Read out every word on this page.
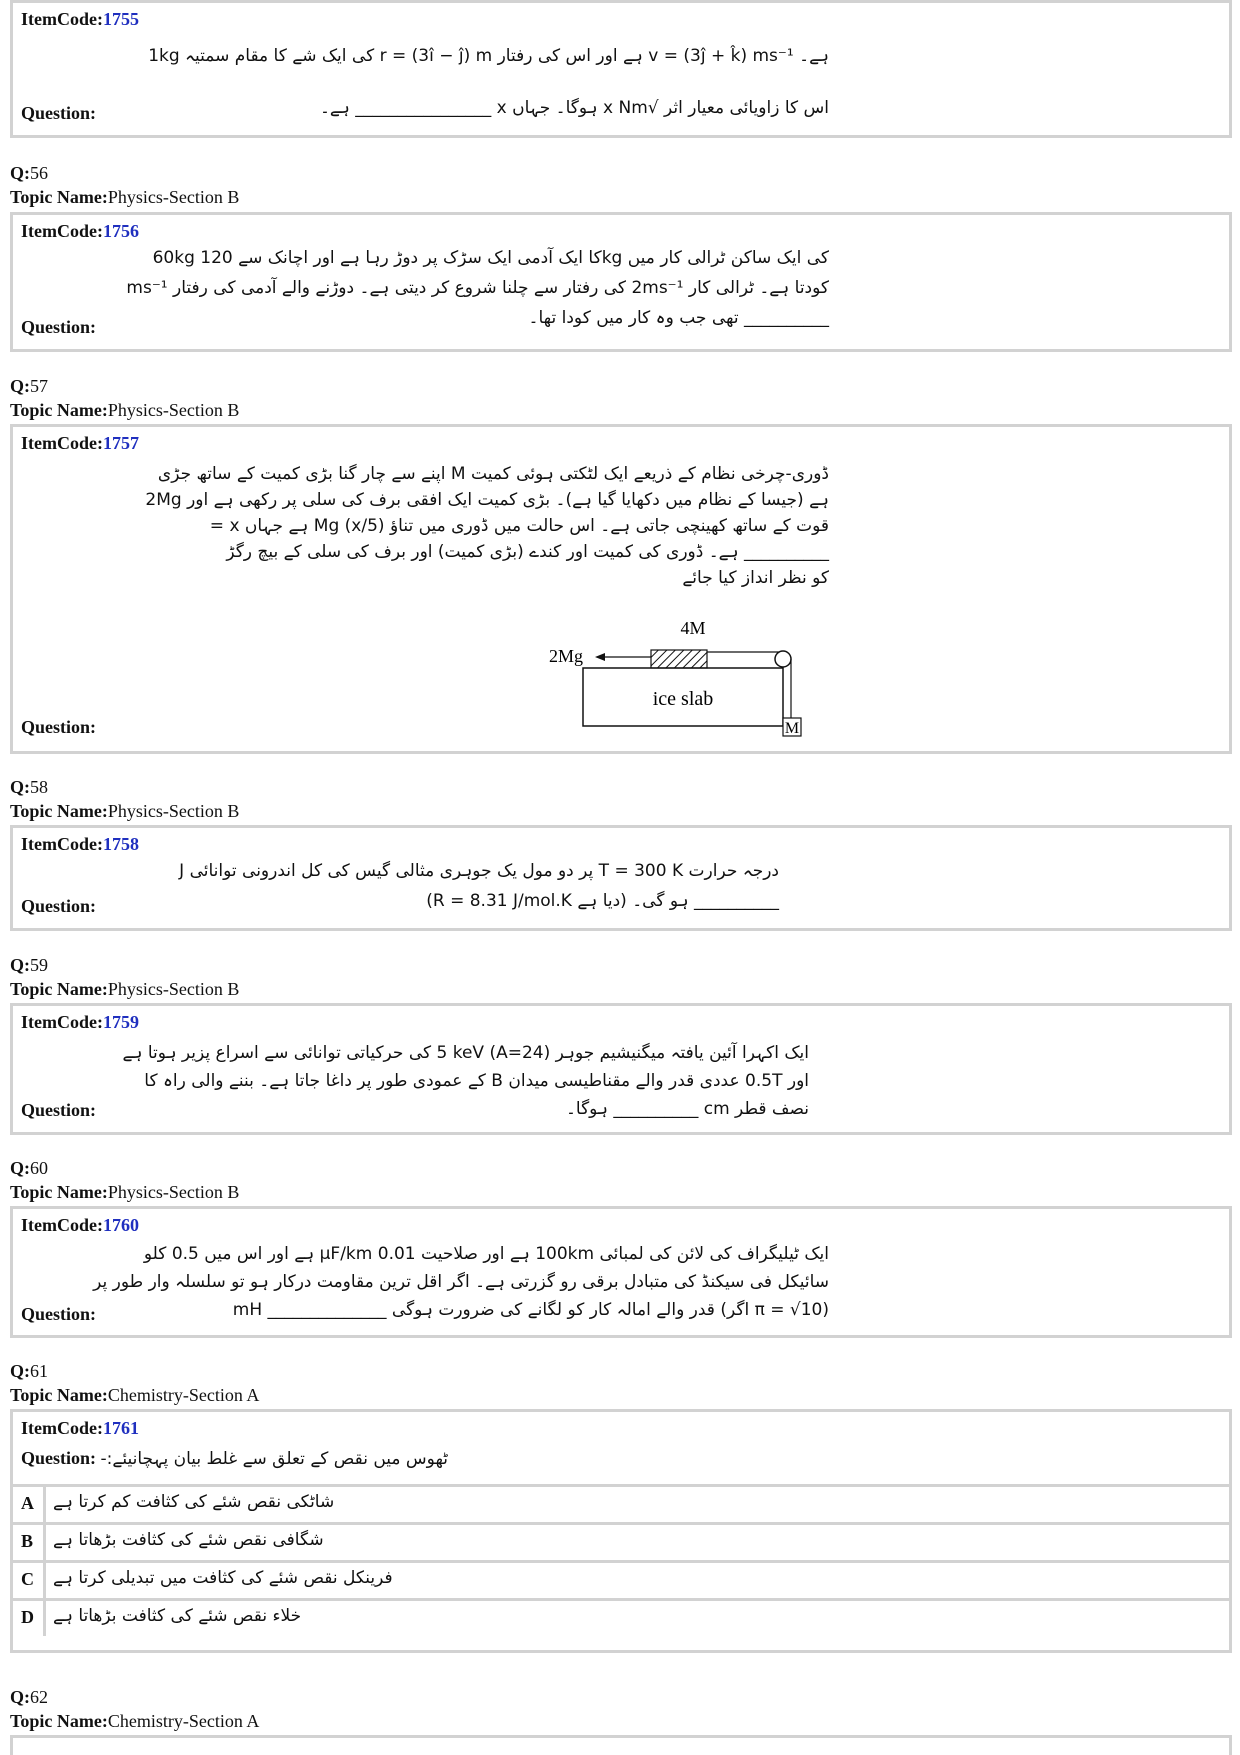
ItemCode:1755
1kg کی ایک شے کا مقام سمتیہ r = (3î − ĵ) m ہے اور اس کی رفتار v = (3ĵ + k̂) ms⁻¹ ہے۔
اس کا زاویائی معیار اثر √x Nm ہوگا۔ جہاں x ________________ ہے۔
Question:
Q:56
Topic Name:Physics-Section B
ItemCode:1756
60kg کا ایک آدمی ایک سڑک پر دوڑ رہا ہے اور اچانک سے 120kg کی ایک ساکن ٹرالی کار میں
کودتا ہے۔ ٹرالی کار 2ms⁻¹ کی رفتار سے چلنا شروع کر دیتی ہے۔ دوڑنے والے آدمی کی رفتار ms⁻¹
__________ تھی جب وہ کار میں کودا تھا۔
Question:
Q:57
Topic Name:Physics-Section B
ItemCode:1757
ڈوری-چرخی نظام کے ذریعے ایک لٹکتی ہوئی کمیت M اپنے سے چار گنا بڑی کمیت کے ساتھ جڑی
ہے (جیسا کے نظام میں دکھایا گیا ہے)۔ بڑی کمیت ایک افقی برف کی سلی پر رکھی ہے اور 2Mg
قوت کے ساتھ کھینچی جاتی ہے۔ اس حالت میں ڈوری میں تناؤ (x/5) Mg ہے جہاں x =
__________ ہے۔ ڈوری کی کمیت اور کندے (بڑی کمیت) اور برف کی سلی کے بیچ رگڑ
کو نظر انداز کیا جائے
4M
ice slab
M
2Mg
Question:
Q:58
Topic Name:Physics-Section B
ItemCode:1758
درجہ حرارت T = 300 K پر دو مول یک جوہری مثالی گیس کی کل اندرونی توانائی J
__________ ہو گی۔ (دیا ہے R = 8.31 J/mol.K)
Question:
Q:59
Topic Name:Physics-Section B
ItemCode:1759
ایک اکہرا آئین یافتہ میگنیشیم جوہر (A=24) 5 keV کی حرکیاتی توانائی سے اسراع پزیر ہوتا ہے
اور 0.5T عددی قدر والے مقناطیسی میدان B کے عمودی طور پر داغا جاتا ہے۔ بننے والی راہ کا
نصف قطر cm __________ ہوگا۔
Question:
Q:60
Topic Name:Physics-Section B
ItemCode:1760
ایک ٹیلیگراف کی لائن کی لمبائی 100km ہے اور صلاحیت 0.01 µF/km ہے اور اس میں 0.5 کلو
سائیکل فی سیکنڈ کی متبادل برقی رو گزرتی ہے۔ اگر اقل ترین مقاومت درکار ہو تو سلسلہ وار طور پر
mH ______________ قدر والے امالہ کار کو لگانے کی ضرورت ہوگی (اگر π = √10)
Question:
Q:61
Topic Name:Chemistry-Section A
ItemCode:1761
Question: ٹھوس میں نقص کے تعلق سے غلط بیان پہچانیئے:-
A شاٹکی نقص شئے کی کثافت کم کرتا ہے
B شگافی نقص شئے کی کثافت بڑھاتا ہے
C فرینکل نقص شئے کی کثافت میں تبدیلی کرتا ہے
D خلاء نقص شئے کی کثافت بڑھاتا ہے
Q:62
Topic Name:Chemistry-Section A
